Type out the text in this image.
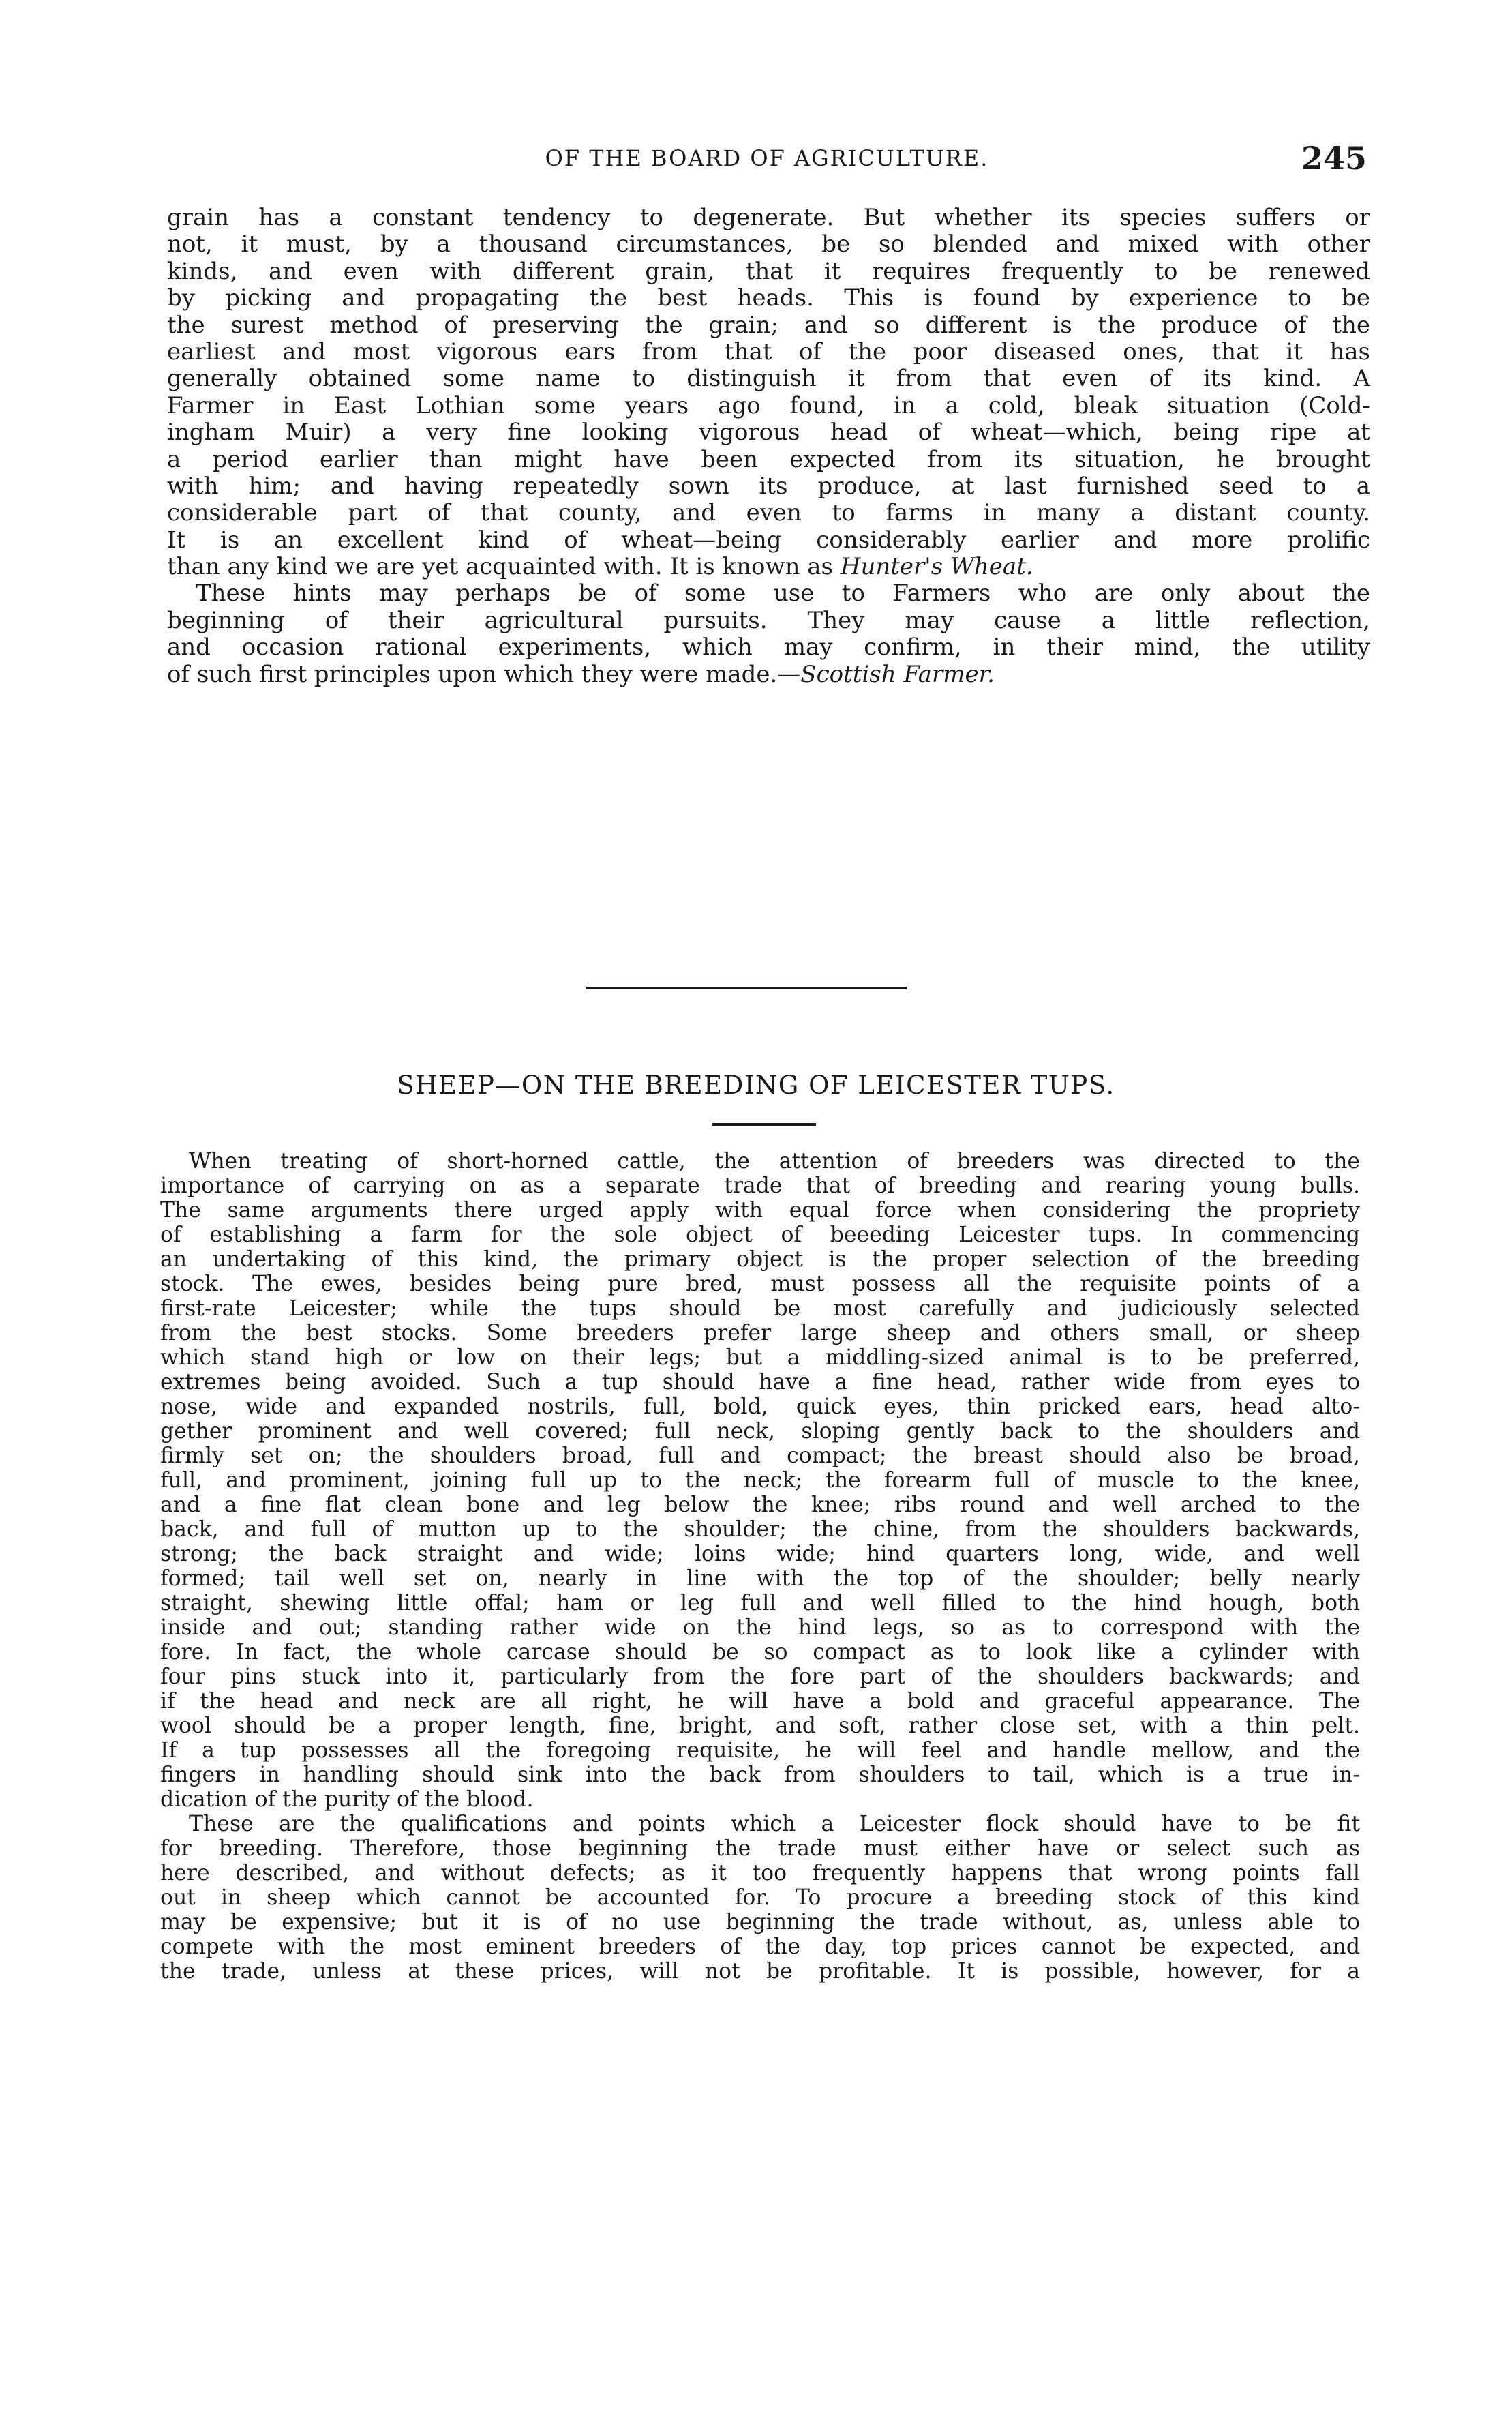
OF THE BOARD OF AGRICULTURE.	245
grain has a constant tendency to degenerate. But whether its species suffers or
not, it must, by a thousand circumstances, be so blended and mixed with other
kinds, and even with different grain, that it requires frequently to be renewed
by picking and propagating the best heads. This is found by experience to be
the surest method of preserving the grain; and so different is the produce of the
earliest and most vigorous ears from that of the poor diseased ones, that it has
generally obtained some name to distinguish it from that even of its kind. A
Farmer in East Lothian some years ago found, in a cold, bleak situation (Cold-
ingham Muir) a very fine looking vigorous head of wheat—which, being ripe at
a period earlier than might have been expected from its situation, he brought
with him; and having repeatedly sown its produce, at last furnished seed to a
considerable part of that county, and even to farms in many a distant county.
It is an excellent kind of wheat—being considerably earlier and more prolific
than any kind we are yet acquainted with. It is known as Hunter's Wheat.
These hints may perhaps be of some use to Farmers who are only about the
beginning of their agricultural pursuits. They may cause a little reflection,
and occasion rational experiments, which may confirm, in their mind, the utility
of such first principles upon which they were made.—Scottish Farmer.
SHEEP—ON THE BREEDING OF LEICESTER TUPS.
When treating of short-horned cattle, the attention of breeders was directed to the
importance of carrying on as a separate trade that of breeding and rearing young bulls.
The same arguments there urged apply with equal force when considering the propriety
of establishing a farm for the sole object of beeeding Leicester tups. In commencing
an undertaking of this kind, the primary object is the proper selection of the breeding
stock. The ewes, besides being pure bred, must possess all the requisite points of a
first-rate Leicester; while the tups should be most carefully and judiciously selected
from the best stocks. Some breeders prefer large sheep and others small, or sheep
which stand high or low on their legs; but a middling-sized animal is to be preferred,
extremes being avoided. Such a tup should have a fine head, rather wide from eyes to
nose, wide and expanded nostrils, full, bold, quick eyes, thin pricked ears, head alto-
gether prominent and well covered; full neck, sloping gently back to the shoulders and
firmly set on; the shoulders broad, full and compact; the breast should also be broad,
full, and prominent, joining full up to the neck; the forearm full of muscle to the knee,
and a fine flat clean bone and leg below the knee; ribs round and well arched to the
back, and full of mutton up to the shoulder; the chine, from the shoulders backwards,
strong; the back straight and wide; loins wide; hind quarters long, wide, and well
formed; tail well set on, nearly in line with the top of the shoulder; belly nearly
straight, shewing little offal; ham or leg full and well filled to the hind hough, both
inside and out; standing rather wide on the hind legs, so as to correspond with the
fore. In fact, the whole carcase should be so compact as to look like a cylinder with
four pins stuck into it, particularly from the fore part of the shoulders backwards; and
if the head and neck are all right, he will have a bold and graceful appearance. The
wool should be a proper length, fine, bright, and soft, rather close set, with a thin pelt.
If a tup possesses all the foregoing requisite, he will feel and handle mellow, and the
fingers in handling should sink into the back from shoulders to tail, which is a true in-
dication of the purity of the blood.
These are the qualifications and points which a Leicester flock should have to be fit
for breeding. Therefore, those beginning the trade must either have or select such as
here described, and without defects; as it too frequently happens that wrong points fall
out in sheep which cannot be accounted for. To procure a breeding stock of this kind
may be expensive; but it is of no use beginning the trade without, as, unless able to
compete with the most eminent breeders of the day, top prices cannot be expected, and
the trade, unless at these prices, will not be profitable. It is possible, however, for a
